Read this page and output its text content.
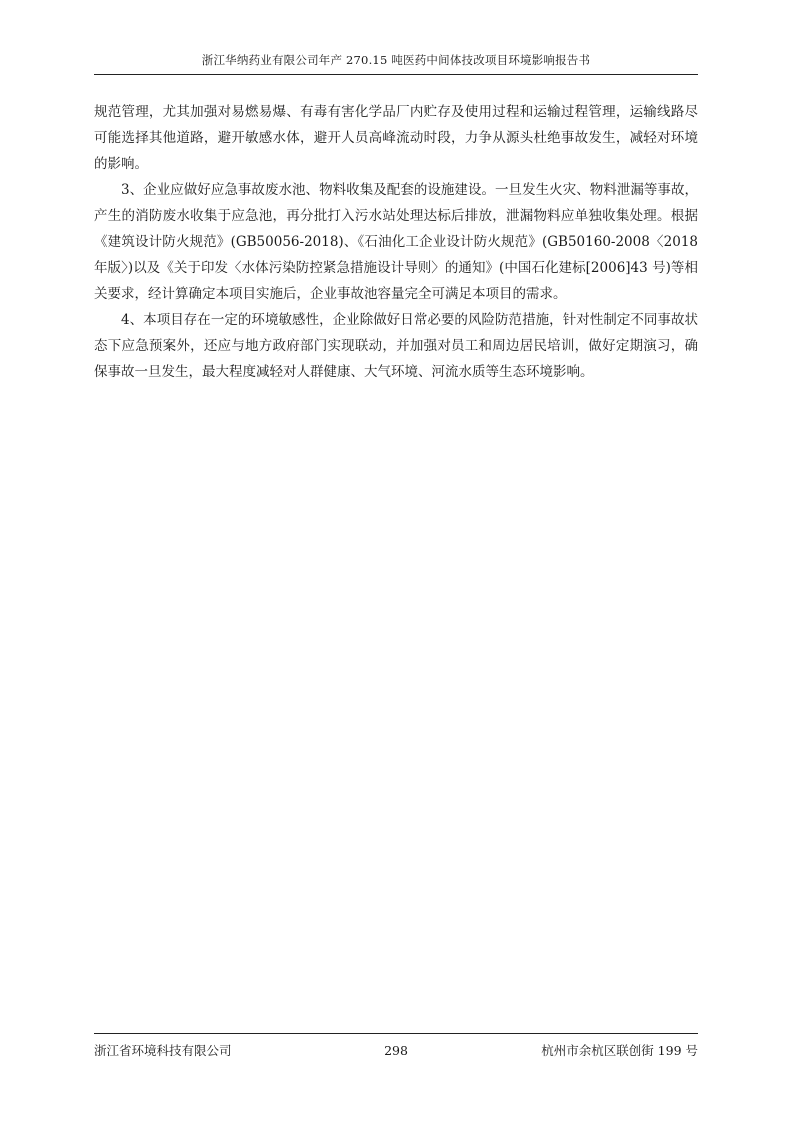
浙江华纳药业有限公司年产 270.15 吨医药中间体技改项目环境影响报告书

规范管理，尤其加强对易燃易爆、有毒有害化学品厂内贮存及使用过程和运输过程管理，运输线路尽可能选择其他道路，避开敏感水体，避开人员高峰流动时段，力争从源头杜绝事故发生，减轻对环境的影响。

3、企业应做好应急事故废水池、物料收集及配套的设施建设。一旦发生火灾、物料泄漏等事故，产生的消防废水收集于应急池，再分批打入污水站处理达标后排放，泄漏物料应单独收集处理。根据《建筑设计防火规范》(GB50056-2018)、《石油化工企业设计防火规范》(GB50160-2008〈2018 年版〉)以及《关于印发〈水体污染防控紧急措施设计导则〉的通知》(中国石化建标[2006]43 号)等相关要求，经计算确定本项目实施后，企业事故池容量完全可满足本项目的需求。

4、本项目存在一定的环境敏感性，企业除做好日常必要的风险防范措施，针对性制定不同事故状态下应急预案外，还应与地方政府部门实现联动，并加强对员工和周边居民培训，做好定期演习，确保事故一旦发生，最大程度减轻对人群健康、大气环境、河流水质等生态环境影响。

浙江省环境科技有限公司	298	杭州市余杭区联创街 199 号
